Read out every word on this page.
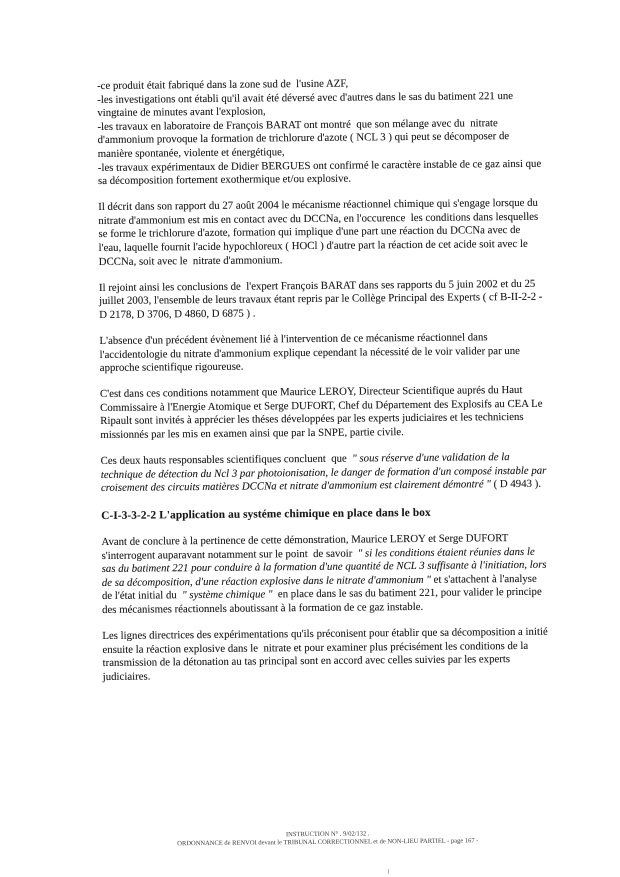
-ce produit était fabriqué dans la zone sud de  l'usine AZF,

-les investigations ont établi qu'il avait été déversé avec d'autres dans le sas du batiment 221 une vingtaine de minutes avant l'explosion,

-les travaux en laboratoire de François BARAT ont montré  que son mélange avec du  nitrate d'ammonium provoque la formation de trichlorure d'azote ( NCL 3 ) qui peut se décomposer de manière spontanée, violente et énergétique,

-les travaux expérimentaux de Didier BERGUES ont confirmé le caractère instable de ce gaz ainsi que sa décomposition fortement exothermique et/ou explosive.

Il décrit dans son rapport du 27 août 2004 le mécanisme réactionnel chimique qui s'engage lorsque du  nitrate d'ammonium est mis en contact avec du DCCNa, en l'occurence  les conditions dans lesquelles se forme le trichlorure d'azote, formation qui implique d'une part une réaction du DCCNa avec de l'eau, laquelle fournit l'acide hypochloreux ( HOCl ) d'autre part la réaction de cet acide soit avec le DCCNa, soit avec le  nitrate d'ammonium.

Il rejoint ainsi les conclusions de  l'expert François BARAT dans ses rapports du 5 juin 2002 et du 25 juillet 2003, l'ensemble de leurs travaux étant repris par le Collège Principal des Experts ( cf B-II-2-2 - D 2178, D 3706, D 4860, D 6875 ) .

L'absence d'un précédent évènement lié à l'intervention de ce mécanisme réactionnel dans l'accidentologie du nitrate d'ammonium explique cependant la nécessité de le voir valider par une approche scientifique rigoureuse.

C'est dans ces conditions notamment que Maurice LEROY, Directeur Scientifique auprés du Haut Commissaire à l'Energie Atomique et Serge DUFORT, Chef du Département des Explosifs au CEA Le Ripault sont invités à apprécier les théses développées par les experts judiciaires et les techniciens missionnés par les mis en examen ainsi que par la SNPE, partie civile.

Ces deux hauts responsables scientifiques concluent  que  " sous réserve d'une validation de la technique de détection du Ncl 3 par photoionisation, le danger de formation d'un composé instable par croisement des circuits matières DCCNa et nitrate d'ammonium est clairement démontré " ( D 4943 ).

C-I-3-3-2-2 L'application au systéme chimique en place dans le box

Avant de conclure à la pertinence de cette démonstration, Maurice LEROY et Serge DUFORT s'interrogent auparavant notamment sur le point  de savoir  " si les conditions étaient réunies dans le sas du batiment 221 pour conduire à la formation d'une quantité de NCL 3 suffisante à l'initiation, lors de sa décomposition, d'une réaction explosive dans le nitrate d'ammonium " et s'attachent à l'analyse de l'état initial du  " système chimique "  en place dans le sas du batiment 221, pour valider le principe des mécanismes réactionnels aboutissant à la formation de ce gaz instable.

Les lignes directrices des expérimentations qu'ils préconisent pour établir que sa décomposition a initié ensuite la réaction explosive dans le  nitrate et pour examiner plus précisément les conditions de la transmission de la détonation au tas principal sont en accord avec celles suivies par les experts judiciaires.

INSTRUCTION N° . 9/02/132 .
ORDONNANCE de RENVOI devant le TRIBUNAL CORRECTIONNEL et de NON-LIEU PARTIEL - page 167 -
